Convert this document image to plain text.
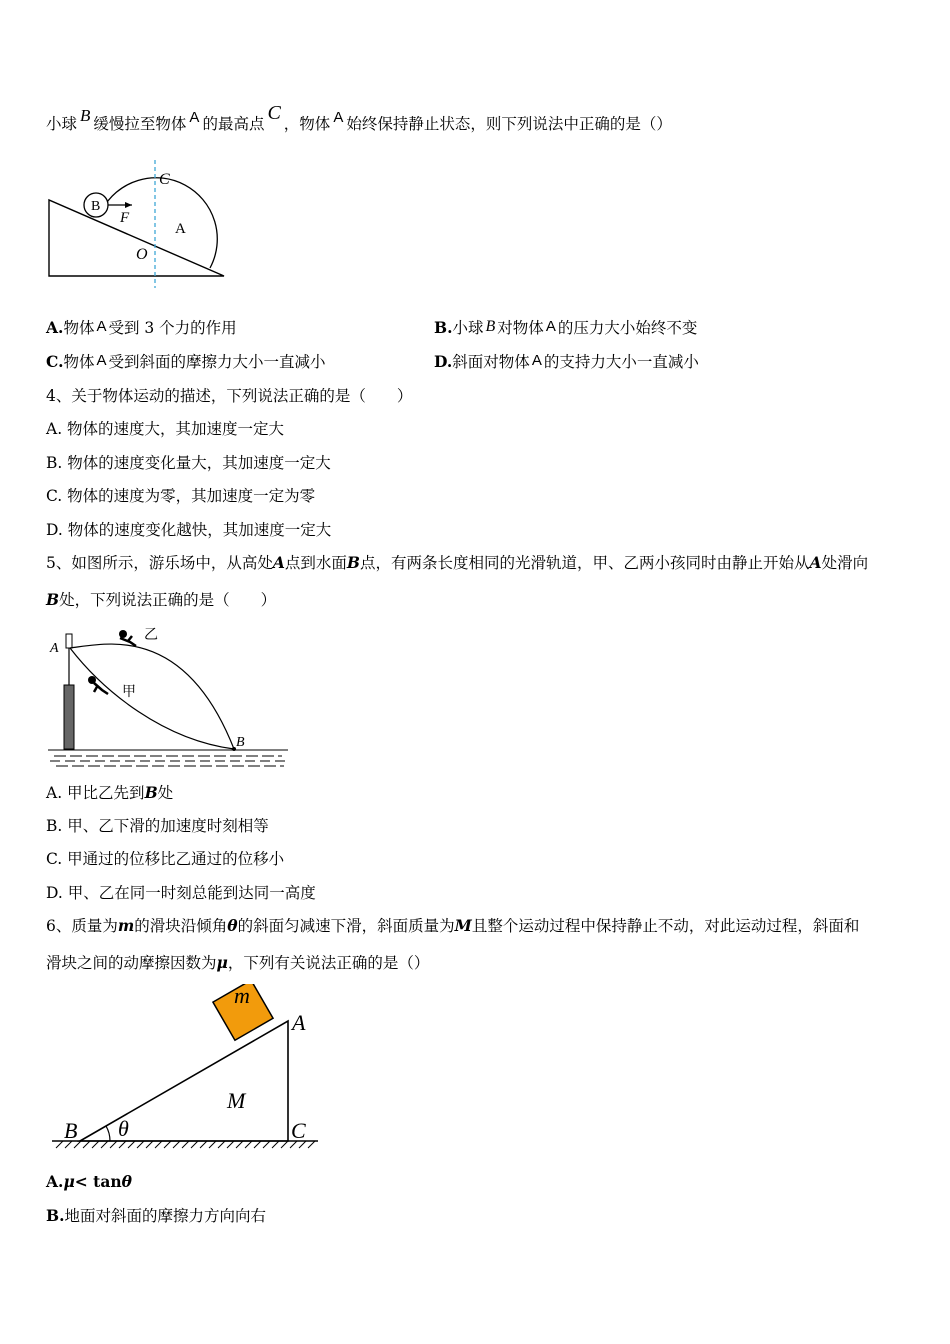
小球 B 缓慢拉至物体 A 的最高点 C ，物体 A 始终保持静止状态，则下列说法中正确的是（）
B
F
C
A
O
A.物体 A 受到 3 个力的作用	B.小球 B 对物体 A 的压力大小始终不变
C.物体 A 受到斜面的摩擦力大小一直减小	D.斜面对物体 A 的支持力大小一直减小
4、关于物体运动的描述，下列说法正确的是（　　）
A. 物体的速度大，其加速度一定大
B. 物体的速度变化量大，其加速度一定大
C. 物体的速度为零，其加速度一定为零
D. 物体的速度变化越快，其加速度一定大
5、如图所示，游乐场中，从高处A点到水面B点，有两条长度相同的光滑轨道，甲、乙两小孩同时由静止开始从A处滑向
B处，下列说法正确的是（　　）
A
乙
甲
B
A. 甲比乙先到B处
B. 甲、乙下滑的加速度时刻相等
C. 甲通过的位移比乙通过的位移小
D. 甲、乙在同一时刻总能到达同一高度
6、质量为m的滑块沿倾角θ的斜面匀减速下滑，斜面质量为M且整个运动过程中保持静止不动，对此运动过程，斜面和
滑块之间的动摩擦因数为μ，下列有关说法正确的是（）
m
A
M
B θ	C
A.μ< tanθ
B.地面对斜面的摩擦力方向向右
